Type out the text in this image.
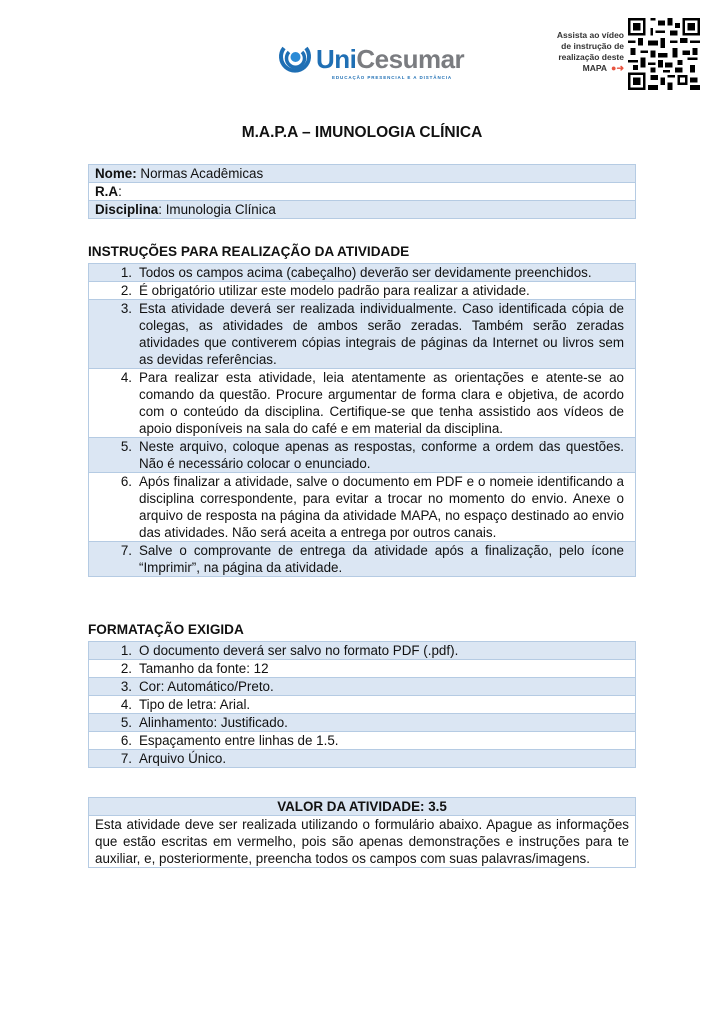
UniCesumar
EDUCAÇÃO PRESENCIAL E A DISTÂNCIA
Assista ao vídeo
de instrução de
realização deste
MAPA ●➜
M.A.P.A – IMUNOLOGIA CLÍNICA
Nome: Normas Acadêmicas
R.A:
Disciplina: Imunologia Clínica
INSTRUÇÕES PARA REALIZAÇÃO DA ATIVIDADE
1. Todos os campos acima (cabeçalho) deverão ser devidamente preenchidos.
2. É obrigatório utilizar este modelo padrão para realizar a atividade.
3. Esta atividade deverá ser realizada individualmente. Caso identificada cópia de colegas, as atividades de ambos serão zeradas. Também serão zeradas atividades que contiverem cópias integrais de páginas da Internet ou livros sem as devidas referências.
4. Para realizar esta atividade, leia atentamente as orientações e atente-se ao comando da questão. Procure argumentar de forma clara e objetiva, de acordo com o conteúdo da disciplina. Certifique-se que tenha assistido aos vídeos de apoio disponíveis na sala do café e em material da disciplina.
5. Neste arquivo, coloque apenas as respostas, conforme a ordem das questões. Não é necessário colocar o enunciado.
6. Após finalizar a atividade, salve o documento em PDF e o nomeie identificando a disciplina correspondente, para evitar a trocar no momento do envio. Anexe o arquivo de resposta na página da atividade MAPA, no espaço destinado ao envio das atividades. Não será aceita a entrega por outros canais.
7. Salve o comprovante de entrega da atividade após a finalização, pelo ícone “Imprimir”, na página da atividade.
FORMATAÇÃO EXIGIDA
1. O documento deverá ser salvo no formato PDF (.pdf).
2. Tamanho da fonte: 12
3. Cor: Automático/Preto.
4. Tipo de letra: Arial.
5. Alinhamento: Justificado.
6. Espaçamento entre linhas de 1.5.
7. Arquivo Único.
VALOR DA ATIVIDADE: 3.5
Esta atividade deve ser realizada utilizando o formulário abaixo. Apague as informações que estão escritas em vermelho, pois são apenas demonstrações e instruções para te auxiliar, e, posteriormente, preencha todos os campos com suas palavras/imagens.
